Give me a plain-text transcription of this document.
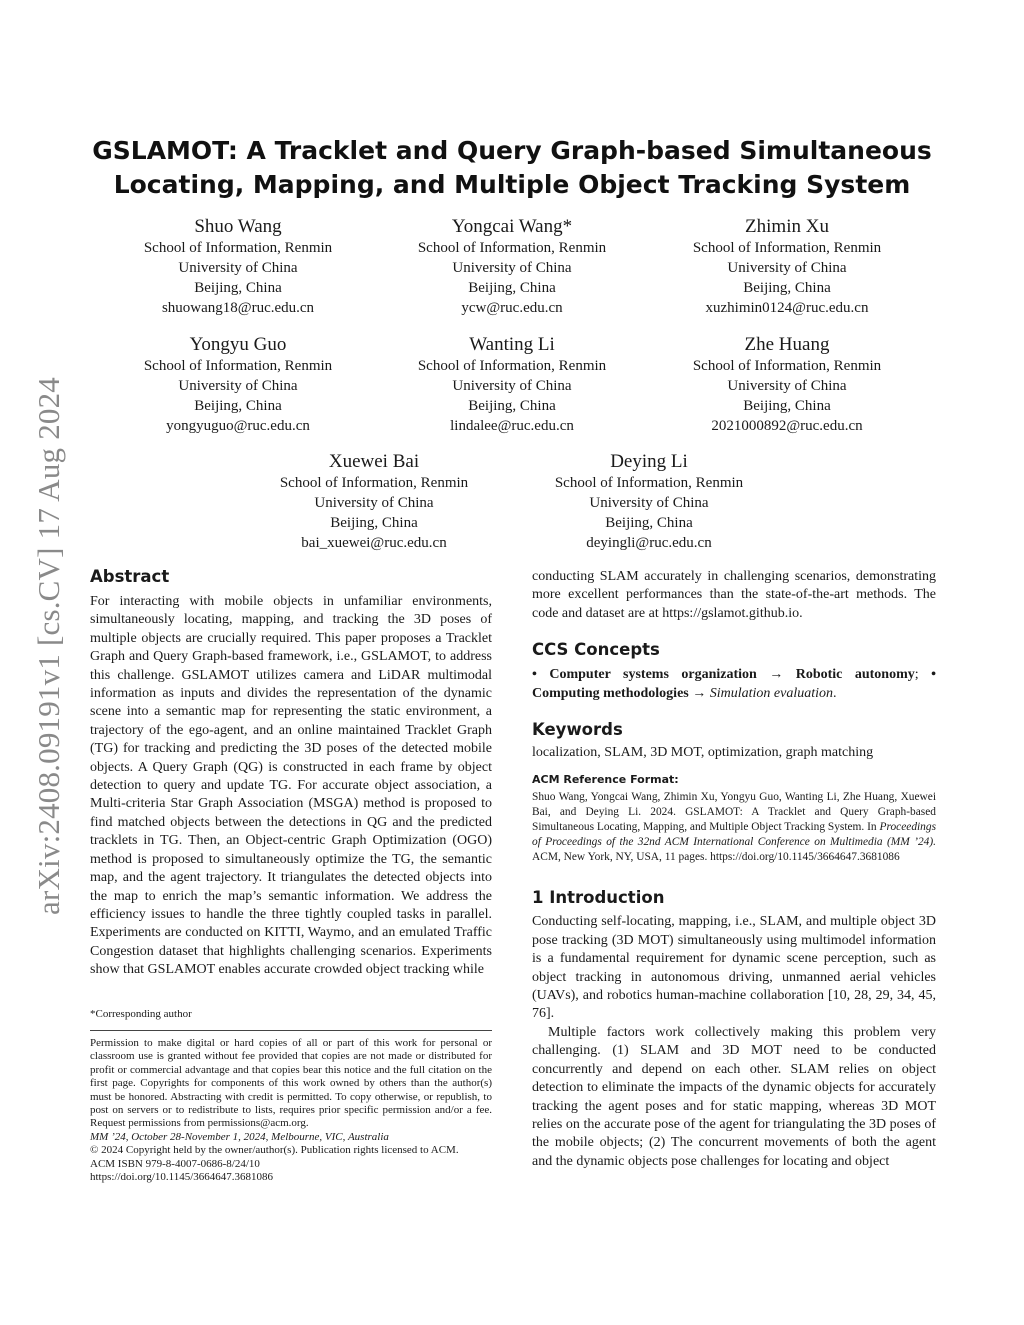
arXiv:2408.09191v1 [cs.CV] 17 Aug 2024
GSLAMOT: A Tracklet and Query Graph-based Simultaneous
Locating, Mapping, and Multiple Object Tracking System
Shuo Wang
School of Information, Renmin
University of China
Beijing, China
shuowang18@ruc.edu.cn
Yongcai Wang*
School of Information, Renmin
University of China
Beijing, China
ycw@ruc.edu.cn
Zhimin Xu
School of Information, Renmin
University of China
Beijing, China
xuzhimin0124@ruc.edu.cn
Yongyu Guo
School of Information, Renmin
University of China
Beijing, China
yongyuguo@ruc.edu.cn
Wanting Li
School of Information, Renmin
University of China
Beijing, China
lindalee@ruc.edu.cn
Zhe Huang
School of Information, Renmin
University of China
Beijing, China
2021000892@ruc.edu.cn
Xuewei Bai
School of Information, Renmin
University of China
Beijing, China
bai_xuewei@ruc.edu.cn
Deying Li
School of Information, Renmin
University of China
Beijing, China
deyingli@ruc.edu.cn
Abstract

For interacting with mobile objects in unfamiliar environments, simultaneously locating, mapping, and tracking the 3D poses of multiple objects are crucially required. This paper proposes a Tracklet Graph and Query Graph-based framework, i.e., GSLAMOT, to address this challenge. GSLAMOT utilizes camera and LiDAR multimodal information as inputs and divides the representation of the dynamic scene into a semantic map for representing the static environment, a trajectory of the ego-agent, and an online maintained Tracklet Graph (TG) for tracking and predicting the 3D poses of the detected mobile objects. A Query Graph (QG) is constructed in each frame by object detection to query and update TG. For accurate object association, a Multi-criteria Star Graph Association (MSGA) method is proposed to find matched objects between the detections in QG and the predicted tracklets in TG. Then, an Object-centric Graph Optimization (OGO) method is proposed to simultaneously optimize the TG, the semantic map, and the agent trajectory. It triangulates the detected objects into the map to enrich the map’s semantic information. We address the efficiency issues to handle the three tightly coupled tasks in parallel. Experiments are conducted on KITTI, Waymo, and an emulated Traffic Congestion dataset that highlights challenging scenarios. Experiments show that GSLAMOT enables accurate crowded object tracking while

*Corresponding author

Permission to make digital or hard copies of all or part of this work for personal or classroom use is granted without fee provided that copies are not made or distributed for profit or commercial advantage and that copies bear this notice and the full citation on the first page. Copyrights for components of this work owned by others than the author(s) must be honored. Abstracting with credit is permitted. To copy otherwise, or republish, to post on servers or to redistribute to lists, requires prior specific permission and/or a fee. Request permissions from permissions@acm.org.

MM ’24, October 28-November 1, 2024, Melbourne, VIC, Australia

© 2024 Copyright held by the owner/author(s). Publication rights licensed to ACM.

ACM ISBN 979-8-4007-0686-8/24/10

https://doi.org/10.1145/3664647.3681086

conducting SLAM accurately in challenging scenarios, demonstrating more excellent performances than the state-of-the-art methods. The code and dataset are at https://gslamot.github.io.

CCS Concepts

• Computer systems organization → Robotic autonomy; • Computing methodologies → Simulation evaluation.

Keywords

localization, SLAM, 3D MOT, optimization, graph matching

ACM Reference Format:

Shuo Wang, Yongcai Wang, Zhimin Xu, Yongyu Guo, Wanting Li, Zhe Huang, Xuewei Bai, and Deying Li. 2024. GSLAMOT: A Tracklet and Query Graph-based Simultaneous Locating, Mapping, and Multiple Object Tracking System. In Proceedings of Proceedings of the 32nd ACM International Conference on Multimedia (MM ’24). ACM, New York, NY, USA, 11 pages. https://doi.org/10.1145/3664647.3681086

1 Introduction

Conducting self-locating, mapping, i.e., SLAM, and multiple object 3D pose tracking (3D MOT) simultaneously using multimodel information is a fundamental requirement for dynamic scene perception, such as object tracking in autonomous driving, unmanned aerial vehicles (UAVs), and robotics human-machine collaboration [10, 28, 29, 34, 45, 76].

Multiple factors work collectively making this problem very challenging. (1) SLAM and 3D MOT need to be conducted concurrently and depend on each other. SLAM relies on object detection to eliminate the impacts of the dynamic objects for accurately tracking the agent poses and for static mapping, whereas 3D MOT relies on the accurate pose of the agent for triangulating the 3D poses of the mobile objects; (2) The concurrent movements of both the agent and the dynamic objects pose challenges for locating and object
